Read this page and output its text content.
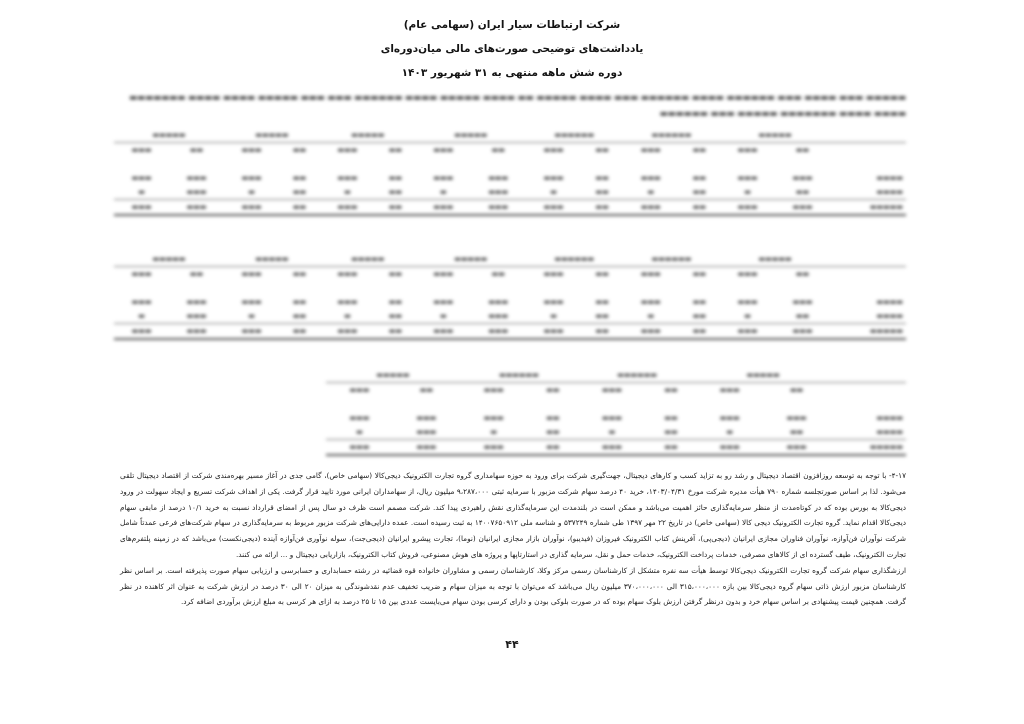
شرکت ارتباطات سیار ایران (سهامی عام)
یادداشت‌های توضیحی صورت‌های مالی میان‌دوره‌ای
دوره شش ماهه منتهی به ۳۱ شهریور ۱۴۰۳
▬▬▬▬▬ ▬▬▬ ▬▬▬▬ ▬▬▬ ▬▬▬▬▬▬ ▬▬▬▬ ▬▬▬▬▬▬ ▬▬▬ ▬▬▬▬ ▬▬▬▬▬ ▬▬ ▬▬▬▬ ▬▬▬▬▬ ▬▬▬▬ ▬▬▬▬▬▬ ▬▬▬ ▬▬▬ ▬▬▬▬▬ ▬▬▬▬ ▬▬▬▬ ▬▬▬▬▬▬▬
▬▬▬▬ ▬▬▬▬ ▬▬▬▬▬▬▬ ▬▬▬▬▬ ▬▬▬ ▬▬▬▬▬▬
	▬▬▬▬▬		▬▬▬▬▬▬		▬▬▬▬▬▬		▬▬▬▬▬		▬▬▬▬▬		▬▬▬▬▬		▬▬▬▬▬	
	▬▬	▬▬▬	▬▬	▬▬▬	▬▬	▬▬▬	▬▬	▬▬▬	▬▬	▬▬▬	▬▬	▬▬▬	▬▬	▬▬▬

▬▬▬▬	▬▬▬	▬▬▬	▬▬	▬▬▬	▬▬	▬▬▬	▬▬▬	▬▬▬	▬▬	▬▬▬	▬▬	▬▬▬	▬▬▬	▬▬▬
▬▬▬▬	▬▬	▬	▬▬	▬	▬▬	▬	▬▬▬	▬	▬▬	▬	▬▬	▬	▬▬▬	▬
▬▬▬▬▬	▬▬▬	▬▬▬	▬▬	▬▬▬	▬▬	▬▬▬	▬▬▬	▬▬▬	▬▬	▬▬▬	▬▬	▬▬▬	▬▬▬	▬▬▬
	▬▬▬▬▬		▬▬▬▬▬▬		▬▬▬▬▬▬		▬▬▬▬▬		▬▬▬▬▬		▬▬▬▬▬		▬▬▬▬▬	
	▬▬	▬▬▬	▬▬	▬▬▬	▬▬	▬▬▬	▬▬	▬▬▬	▬▬	▬▬▬	▬▬	▬▬▬	▬▬	▬▬▬

▬▬▬▬	▬▬▬	▬▬▬	▬▬	▬▬▬	▬▬	▬▬▬	▬▬▬	▬▬▬	▬▬	▬▬▬	▬▬	▬▬▬	▬▬▬	▬▬▬
▬▬▬▬	▬▬	▬	▬▬	▬	▬▬	▬	▬▬▬	▬	▬▬	▬	▬▬	▬	▬▬▬	▬
▬▬▬▬▬	▬▬▬	▬▬▬	▬▬	▬▬▬	▬▬	▬▬▬	▬▬▬	▬▬▬	▬▬	▬▬▬	▬▬	▬▬▬	▬▬▬	▬▬▬
	▬▬▬▬▬		▬▬▬▬▬▬		▬▬▬▬▬▬		▬▬▬▬▬	
	▬▬	▬▬▬	▬▬	▬▬▬	▬▬	▬▬▬	▬▬	▬▬▬

▬▬▬▬	▬▬▬	▬▬▬	▬▬	▬▬▬	▬▬	▬▬▬	▬▬▬	▬▬▬
▬▬▬▬	▬▬	▬	▬▬	▬	▬▬	▬	▬▬▬	▬
▬▬▬▬▬	▬▬▬	▬▬▬	▬▬	▬▬▬	▬▬	▬▬▬	▬▬▬	▬▬▬
۴-۱۷- با توجه به توسعه روزافزون اقتصاد دیجیتال و رشد رو به تزاید کسب و کارهای دیجیتال، جهت‌گیری شرکت برای ورود به حوزه سهامداری گروه تجارت الکترونیک دیجی‌کالا (سهامی خاص)، گامی جدی در آغاز مسیر بهره‌مندی شرکت از اقتصاد دیجیتال تلقی می‌شود. لذا بر اساس صورتجلسه شماره ۷۹۰ هیأت مدیره شرکت مورخ ۱۴۰۳/۰۴/۳۱، خرید ۴۰ درصد سهام شرکت مزبور با سرمایه ثبتی ۹،۲۸۷،۰۰۰ میلیون ریال، از سهامداران ایرانی مورد تایید قرار گرفت. یکی از اهداف شرکت تسریع و ایجاد سهولت در ورود دیجی‌کالا به بورس بوده که در کوتاه‌مدت از منظر سرمایه‌گذاری حائز اهمیت می‌باشد و ممکن است در بلندمدت این سرمایه‌گذاری نقش راهبردی پیدا کند. شرکت مصمم است ظرف دو سال پس از امضای قرارداد نسبت به خرید ۱۰/۱ درصد از مابقی سهام دیجی‌کالا اقدام نماید. گروه تجارت الکترونیک دیجی کالا (سهامی خاص) در تاریخ ۲۲ مهر ۱۳۹۷ طی شماره ۵۳۷۲۴۹ و شناسه ملی ۱۴۰۰۷۶۵۰۹۱۲ به ثبت رسیده است. عمده دارایی‌های شرکت مزبور مربوط به سرمایه‌گذاری در سهام شرکت‌های فرعی عمدتاً شامل شرکت نوآوران فن‌آوازه، نوآوران فناوران مجازی ایرانیان (دیجی‌پی)، آفرینش کتاب الکترونیک فیروزان (فیدیبو)، نوآوران بازار مجازی ایرانیان (نوما)، تجارت پیشرو ایرانیان (دیجی‌جت)، سوله نوآوری فن‌آوازه آینده (دیجی‌نکست) می‌باشد که در زمینه پلتفرم‌های تجارت الکترونیک، طیف گسترده ای از کالاهای مصرفی، خدمات پرداخت الکترونیک، خدمات حمل و نقل، سرمایه گذاری در استارتاپها و پروژه های هوش مصنوعی، فروش کتاب الکترونیک، بازاریابی دیجیتال و ... ارائه می کنند.
ارزشگذاری سهام شرکت گروه تجارت الکترونیک دیجی‌کالا توسط هیأت سه نفره متشکل از کارشناسان رسمی مرکز وکلا، کارشناسان رسمی و مشاوران خانواده قوه قضائیه در رشته حسابداری و حسابرسی و ارزیابی سهام صورت پذیرفته است. بر اساس نظر کارشناسان مزبور ارزش ذاتی سهام گروه دیجی‌کالا بین بازه ۳۱۵،۰۰۰،۰۰۰ الی ۳۷۰،۰۰۰،۰۰۰ میلیون ریال می‌باشد که می‌توان با توجه به میزان سهام و ضریب تخفیف عدم نقدشوندگی به میزان ۲۰ الی ۳۰ درصد در ارزش شرکت به عنوان اثر کاهنده در نظر گرفت. همچنین قیمت پیشنهادی بر اساس سهام خرد و بدون درنظر گرفتن ارزش بلوک سهام بوده که در صورت بلوکی بودن و دارای کرسی بودن سهام می‌بایست عددی بین ۱۵ تا ۲۵ درصد به ازای هر کرسی به مبلغ ارزش برآوردی اضافه کرد.
۴۴
